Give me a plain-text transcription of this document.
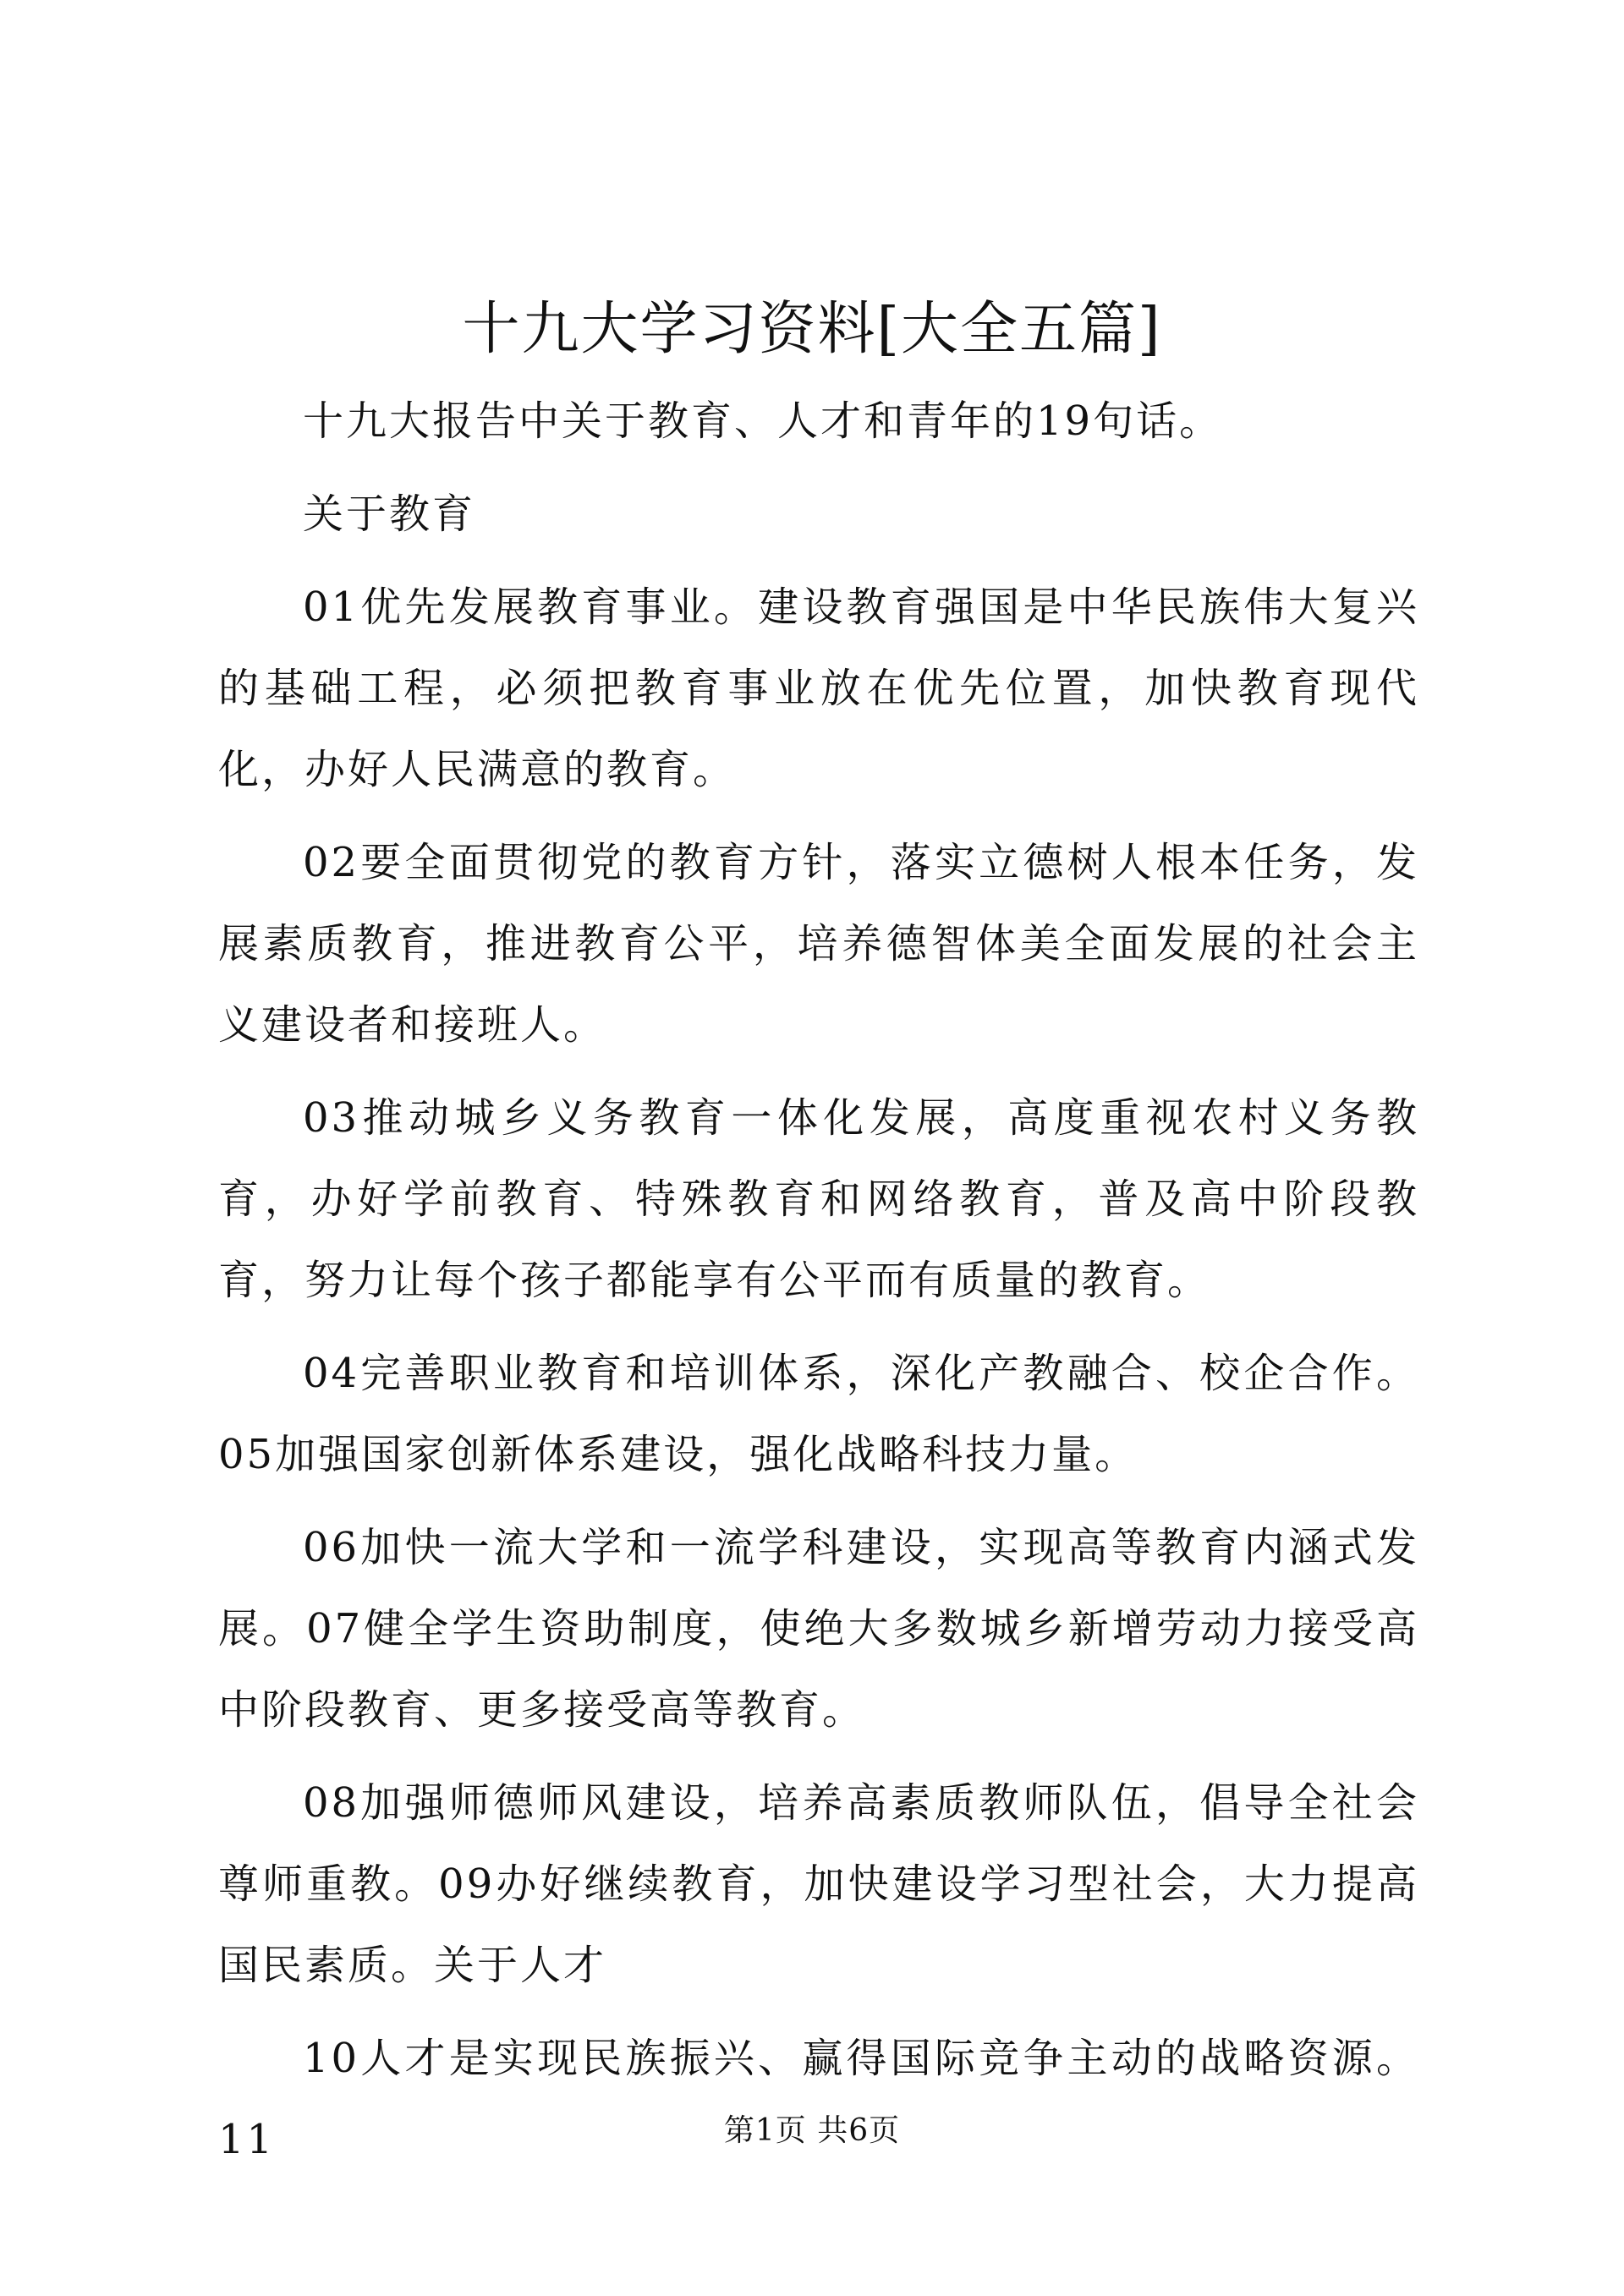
十九大学习资料[大全五篇]

十九大报告中关于教育、人才和青年的19句话。

关于教育

01优先发展教育事业。建设教育强国是中华民族伟大复兴的基础工程，必须把教育事业放在优先位置，加快教育现代化，办好人民满意的教育。

02要全面贯彻党的教育方针，落实立德树人根本任务，发展素质教育，推进教育公平，培养德智体美全面发展的社会主义建设者和接班人。

03推动城乡义务教育一体化发展，高度重视农村义务教育，办好学前教育、特殊教育和网络教育，普及高中阶段教育，努力让每个孩子都能享有公平而有质量的教育。

04完善职业教育和培训体系，深化产教融合、校企合作。05加强国家创新体系建设，强化战略科技力量。

06加快一流大学和一流学科建设，实现高等教育内涵式发展。07健全学生资助制度，使绝大多数城乡新增劳动力接受高中阶段教育、更多接受高等教育。

08加强师德师风建设，培养高素质教师队伍，倡导全社会尊师重教。09办好继续教育，加快建设学习型社会，大力提高国民素质。关于人才

10人才是实现民族振兴、赢得国际竞争主动的战略资源。11	第1页 共6页
